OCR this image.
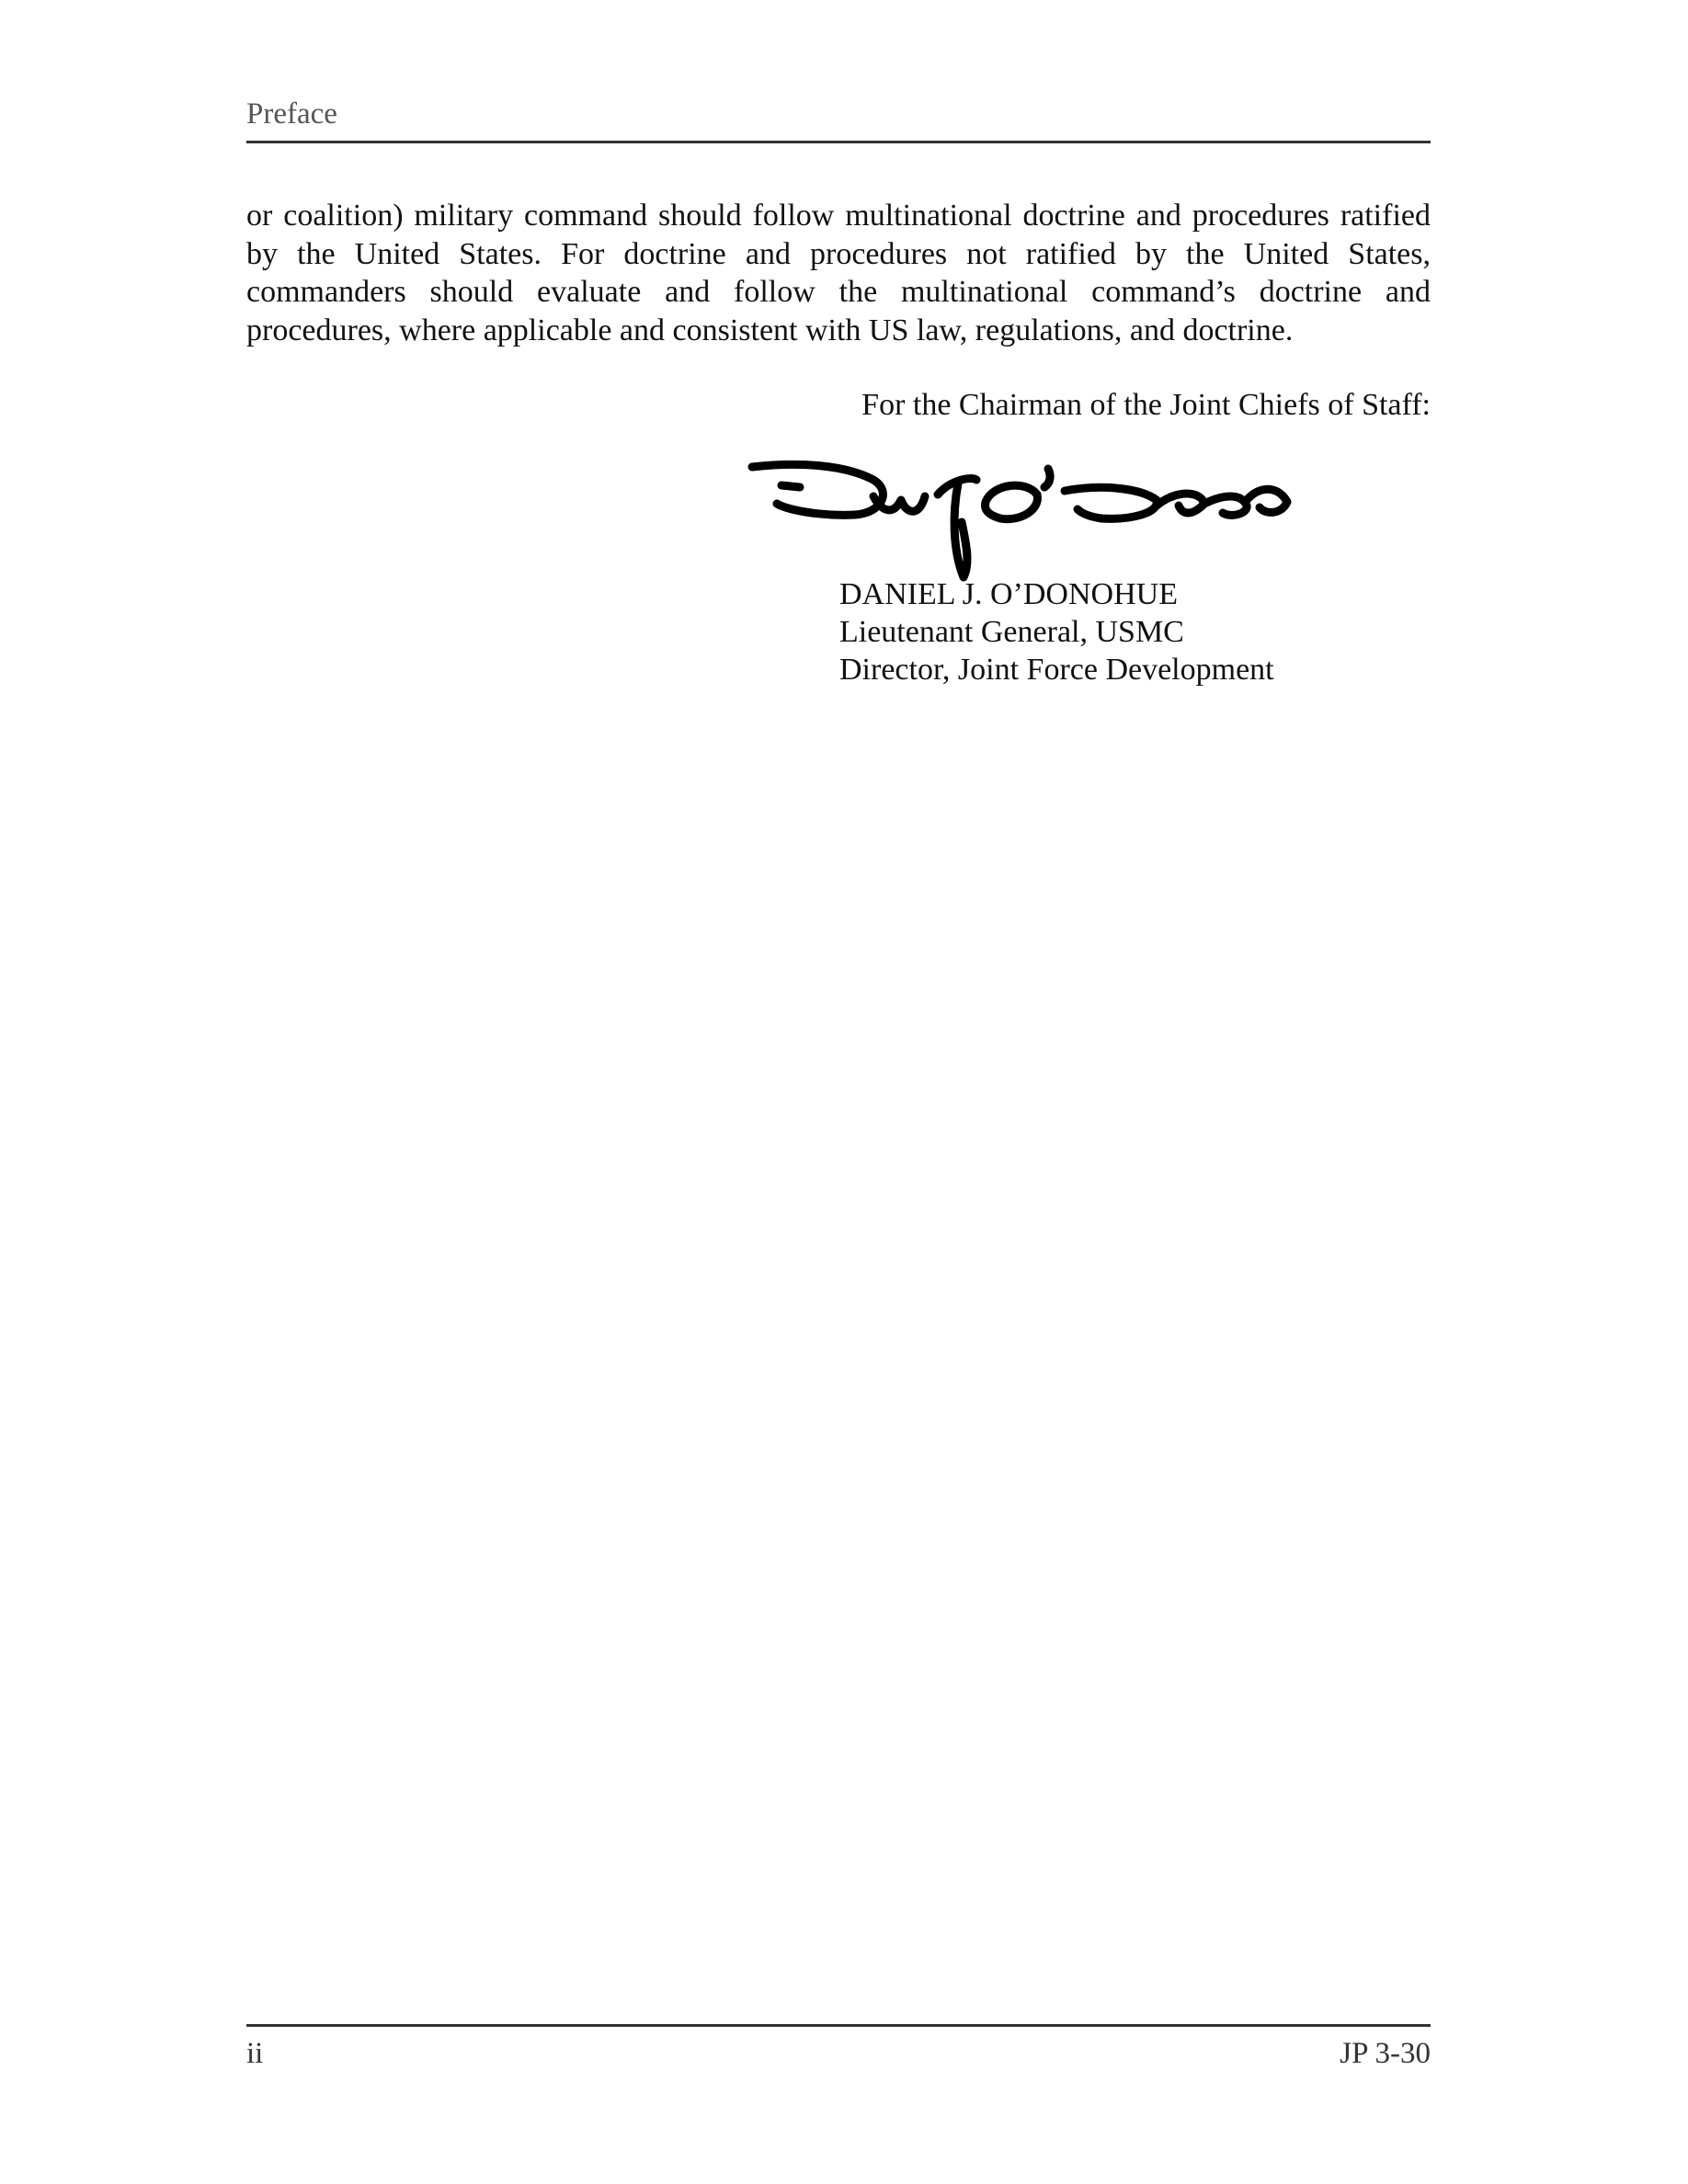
Preface

or coalition) military command should follow multinational doctrine and procedures ratified by the United States. For doctrine and procedures not ratified by the United States, commanders should evaluate and follow the multinational command’s doctrine and procedures, where applicable and consistent with US law, regulations, and doctrine.

For the Chairman of the Joint Chiefs of Staff:
DANIEL J. O’DONOHUE
Lieutenant General, USMC
Director, Joint Force Development
ii	JP 3-30
